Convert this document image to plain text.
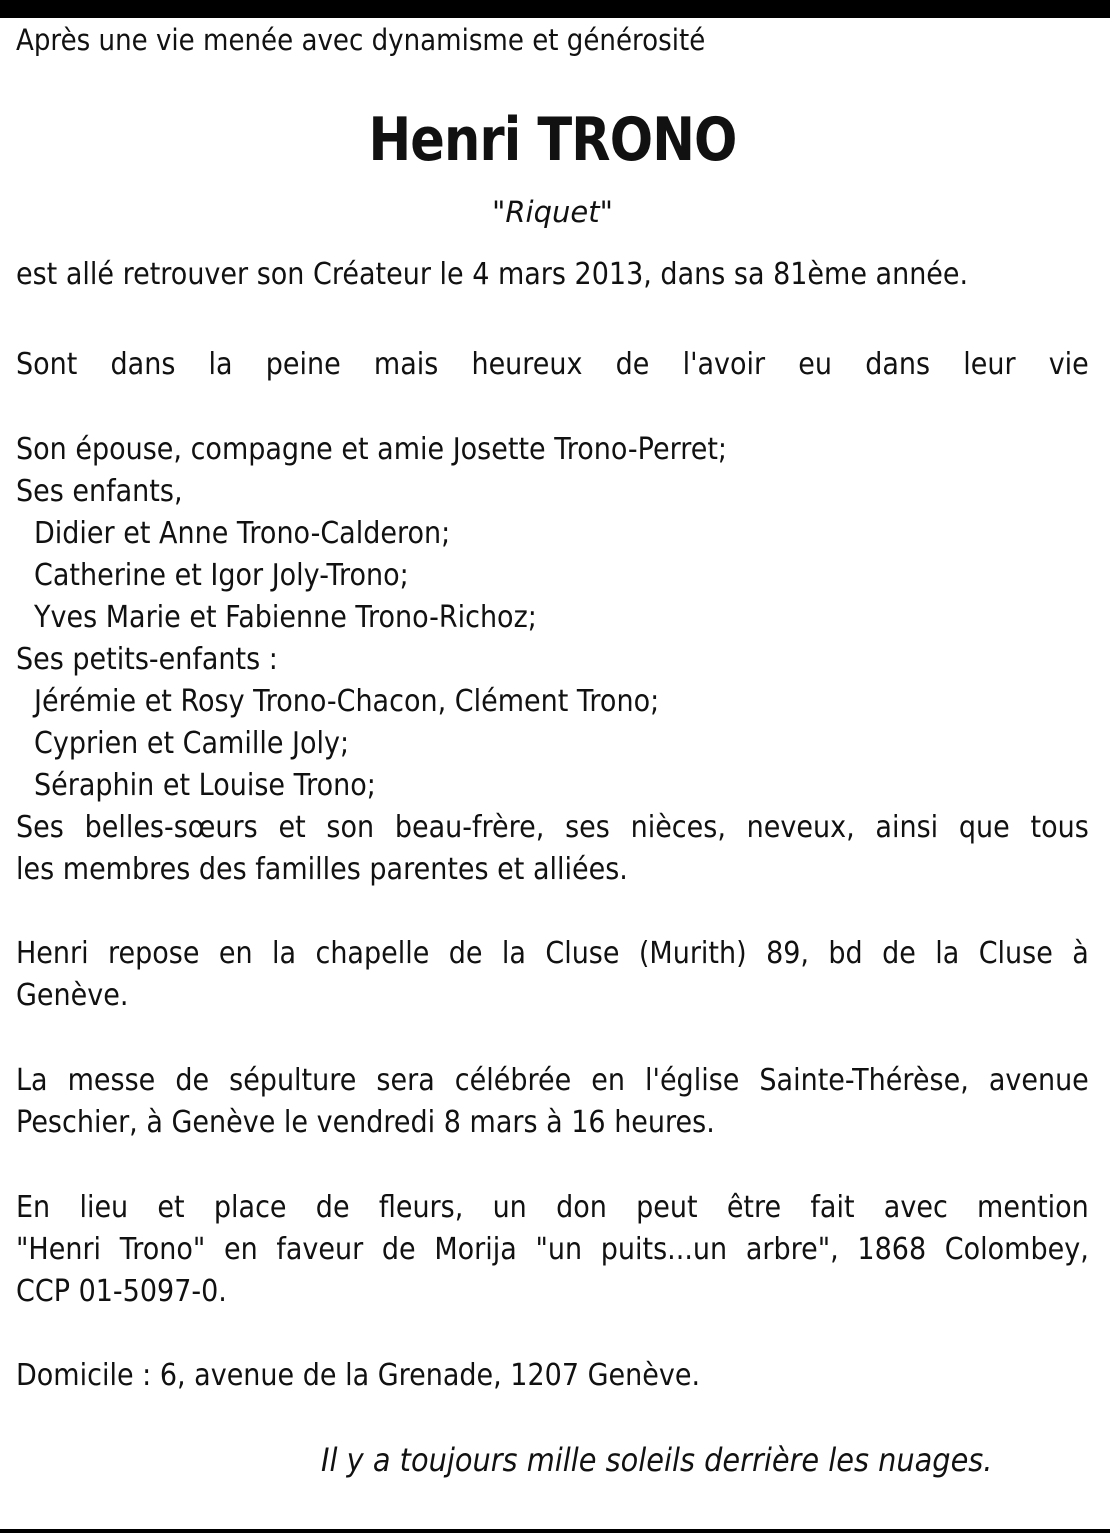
Après une vie menée avec dynamisme et générosité
Henri TRONO
"Riquet"
est allé retrouver son Créateur le 4 mars 2013, dans sa 81ème année.
Sont dans la peine mais heureux de l'avoir eu dans leur vie
Son épouse, compagne et amie Josette Trono-Perret;
Ses enfants,
Didier et Anne Trono-Calderon;
Catherine et Igor Joly-Trono;
Yves Marie et Fabienne Trono-Richoz;
Ses petits-enfants :
Jérémie et Rosy Trono-Chacon, Clément Trono;
Cyprien et Camille Joly;
Séraphin et Louise Trono;
Ses belles-sœurs et son beau-frère, ses nièces, neveux, ainsi que tous
les membres des familles parentes et alliées.
Henri repose en la chapelle de la Cluse (Murith) 89, bd de la Cluse à
Genève.
La messe de sépulture sera célébrée en l'église Sainte-Thérèse, avenue
Peschier, à Genève le vendredi 8 mars à 16 heures.
En lieu et place de fleurs, un don peut être fait avec mention
"Henri Trono" en faveur de Morija "un puits...un arbre", 1868 Colombey,
CCP 01-5097-0.
Domicile : 6, avenue de la Grenade, 1207 Genève.
Il y a toujours mille soleils derrière les nuages.
